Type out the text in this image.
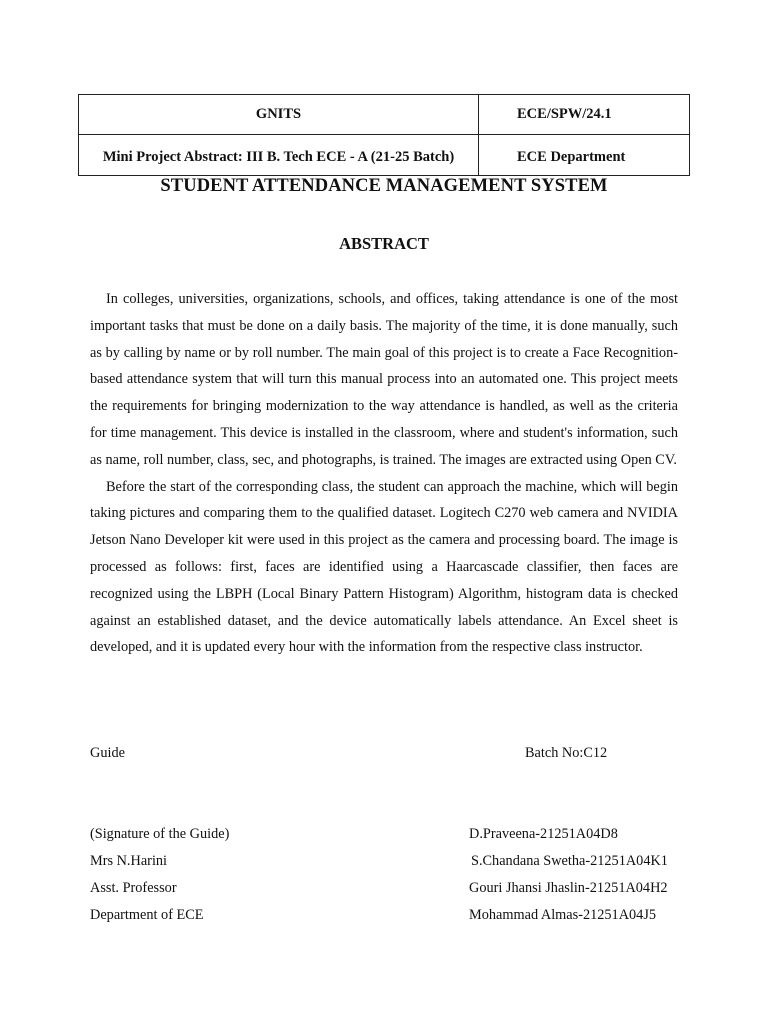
GNITS	ECE/SPW/24.1
Mini Project Abstract: III B. Tech ECE - A (21-25 Batch)	ECE Department
STUDENT ATTENDANCE MANAGEMENT SYSTEM
ABSTRACT

In colleges, universities, organizations, schools, and offices, taking attendance is one of the most important tasks that must be done on a daily basis. The majority of the time, it is done manually, such as by calling by name or by roll number. The main goal of this project is to create a Face Recognition-based attendance system that will turn this manual process into an automated one. This project meets the requirements for bringing modernization to the way attendance is handled, as well as the criteria for time management. This device is installed in the classroom, where and student's information, such as name, roll number, class, sec, and photographs, is trained. The images are extracted using Open CV.

Before the start of the corresponding class, the student can approach the machine, which will begin taking pictures and comparing them to the qualified dataset. Logitech C270 web camera and NVIDIA Jetson Nano Developer kit were used in this project as the camera and processing board. The image is processed as follows: first, faces are identified using a Haarcascade classifier, then faces are recognized using the LBPH (Local Binary Pattern Histogram) Algorithm, histogram data is checked against an established dataset, and the device automatically labels attendance. An Excel sheet is developed, and it is updated every hour with the information from the respective class instructor.

Guide	Batch No:C12
(Signature of the Guide)
Mrs N.Harini
Asst. Professor
Department of ECE
D.Praveena-21251A04D8
S.Chandana Swetha-21251A04K1
Gouri Jhansi Jhaslin-21251A04H2
Mohammad Almas-21251A04J5
